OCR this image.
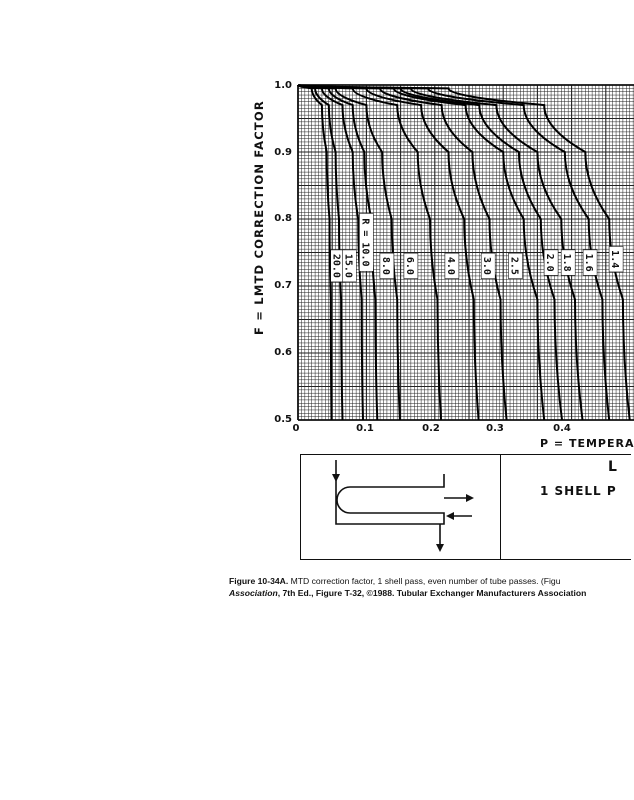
20.0 15.0 R = 10.0 8.0 6.0	4.0	3.0 2.5 2.0 1.8 1.6 1.4
F = LMTD CORRECTION FACTOR
P = TEMPERA
1.0
0.9
0.8
0.7
0.6
0.5
0	0.1	0.2	0.3	0.4
L
1 SHELL P
Figure 10-34A. MTD correction factor, 1 shell pass, even number of tube passes. (Figu
Association, 7th Ed., Figure T-32, ©1988. Tubular Exchanger Manufacturers Association
